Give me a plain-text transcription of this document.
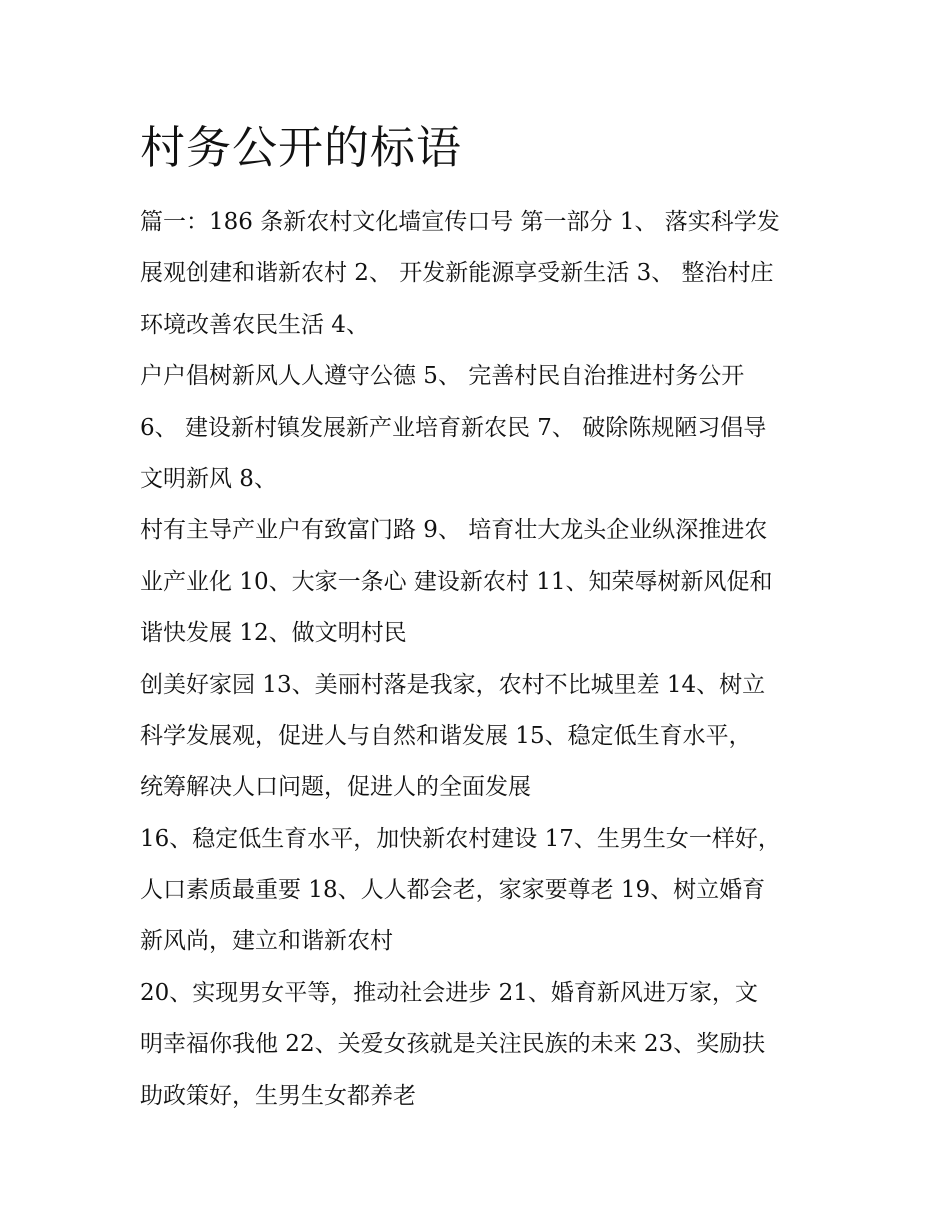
村务公开的标语
篇一：186 条新农村文化墙宣传口号 第一部分 1、 落实科学发
展观创建和谐新农村 2、 开发新能源享受新生活 3、 整治村庄
环境改善农民生活 4、
户户倡树新风人人遵守公德 5、 完善村民自治推进村务公开
6、 建设新村镇发展新产业培育新农民 7、 破除陈规陋习倡导
文明新风 8、
村有主导产业户有致富门路 9、 培育壮大龙头企业纵深推进农
业产业化 10、大家一条心 建设新农村 11、知荣辱树新风促和
谐快发展 12、做文明村民
创美好家园 13、美丽村落是我家，农村不比城里差 14、树立
科学发展观，促进人与自然和谐发展 15、稳定低生育水平，
统筹解决人口问题，促进人的全面发展
16、稳定低生育水平，加快新农村建设 17、生男生女一样好，
人口素质最重要 18、人人都会老，家家要尊老 19、树立婚育
新风尚，建立和谐新农村
20、实现男女平等，推动社会进步 21、婚育新风进万家，文
明幸福你我他 22、关爱女孩就是关注民族的未来 23、奖励扶
助政策好，生男生女都养老
